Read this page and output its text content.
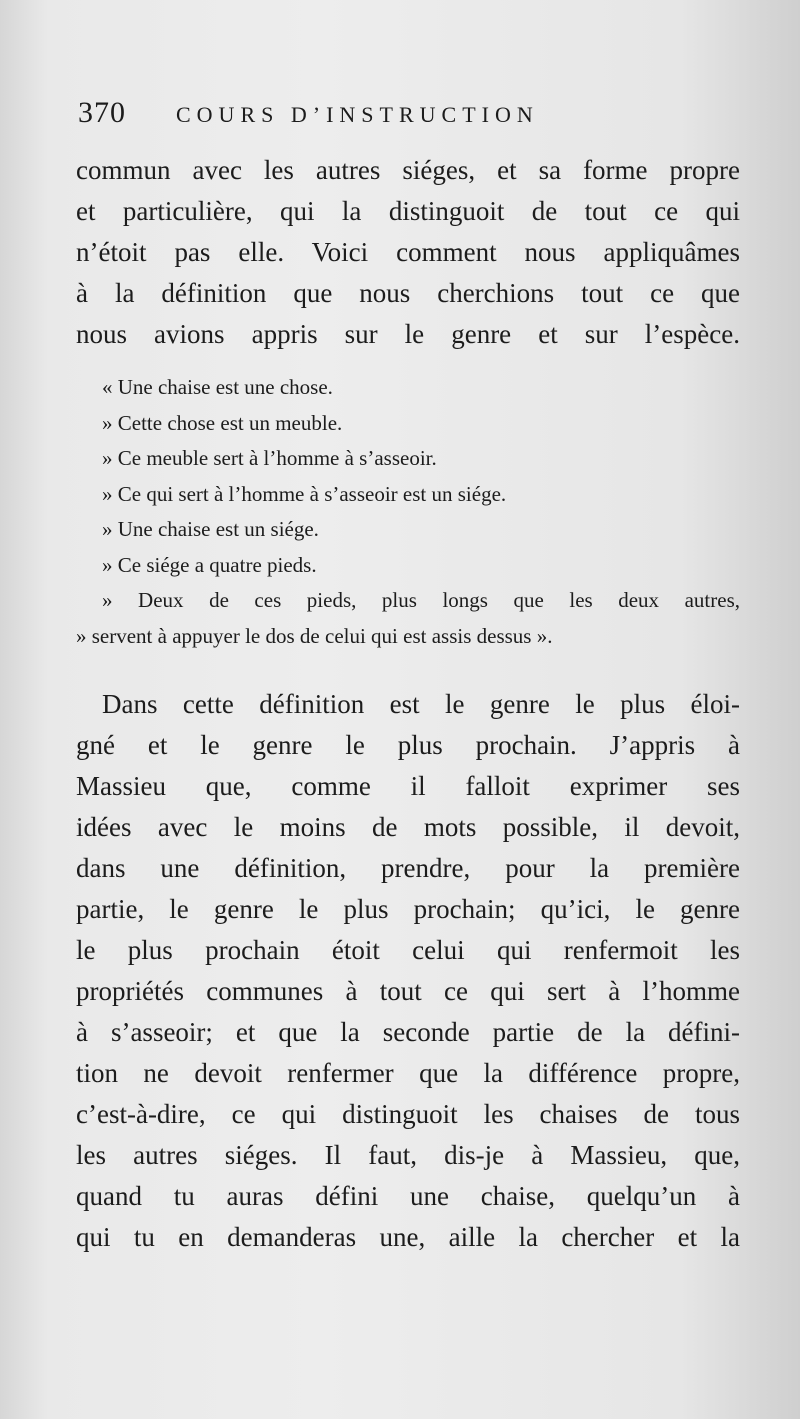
370 COURS D’INSTRUCTION
commun avec les autres siéges, et sa forme propre
et particulière, qui la distinguoit de tout ce qui
n’étoit pas elle. Voici comment nous appliquâmes
à la définition que nous cherchions tout ce que
nous avions appris sur le genre et sur l’espèce.
« Une chaise est une chose.
» Cette chose est un meuble.
» Ce meuble sert à l’homme à s’asseoir.
» Ce qui sert à l’homme à s’asseoir est un siége.
» Une chaise est un siége.
» Ce siége a quatre pieds.
» Deux de ces pieds, plus longs que les deux autres,
» servent à appuyer le dos de celui qui est assis dessus ».
Dans cette définition est le genre le plus éloi-
gné et le genre le plus prochain. J’appris à
Massieu que, comme il falloit exprimer ses
idées avec le moins de mots possible, il devoit,
dans une définition, prendre, pour la première
partie, le genre le plus prochain; qu’ici, le genre
le plus prochain étoit celui qui renfermoit les
propriétés communes à tout ce qui sert à l’homme
à s’asseoir; et que la seconde partie de la défini-
tion ne devoit renfermer que la différence propre,
c’est-à-dire, ce qui distinguoit les chaises de tous
les autres siéges. Il faut, dis-je à Massieu, que,
quand tu auras défini une chaise, quelqu’un à
qui tu en demanderas une, aille la chercher et la
